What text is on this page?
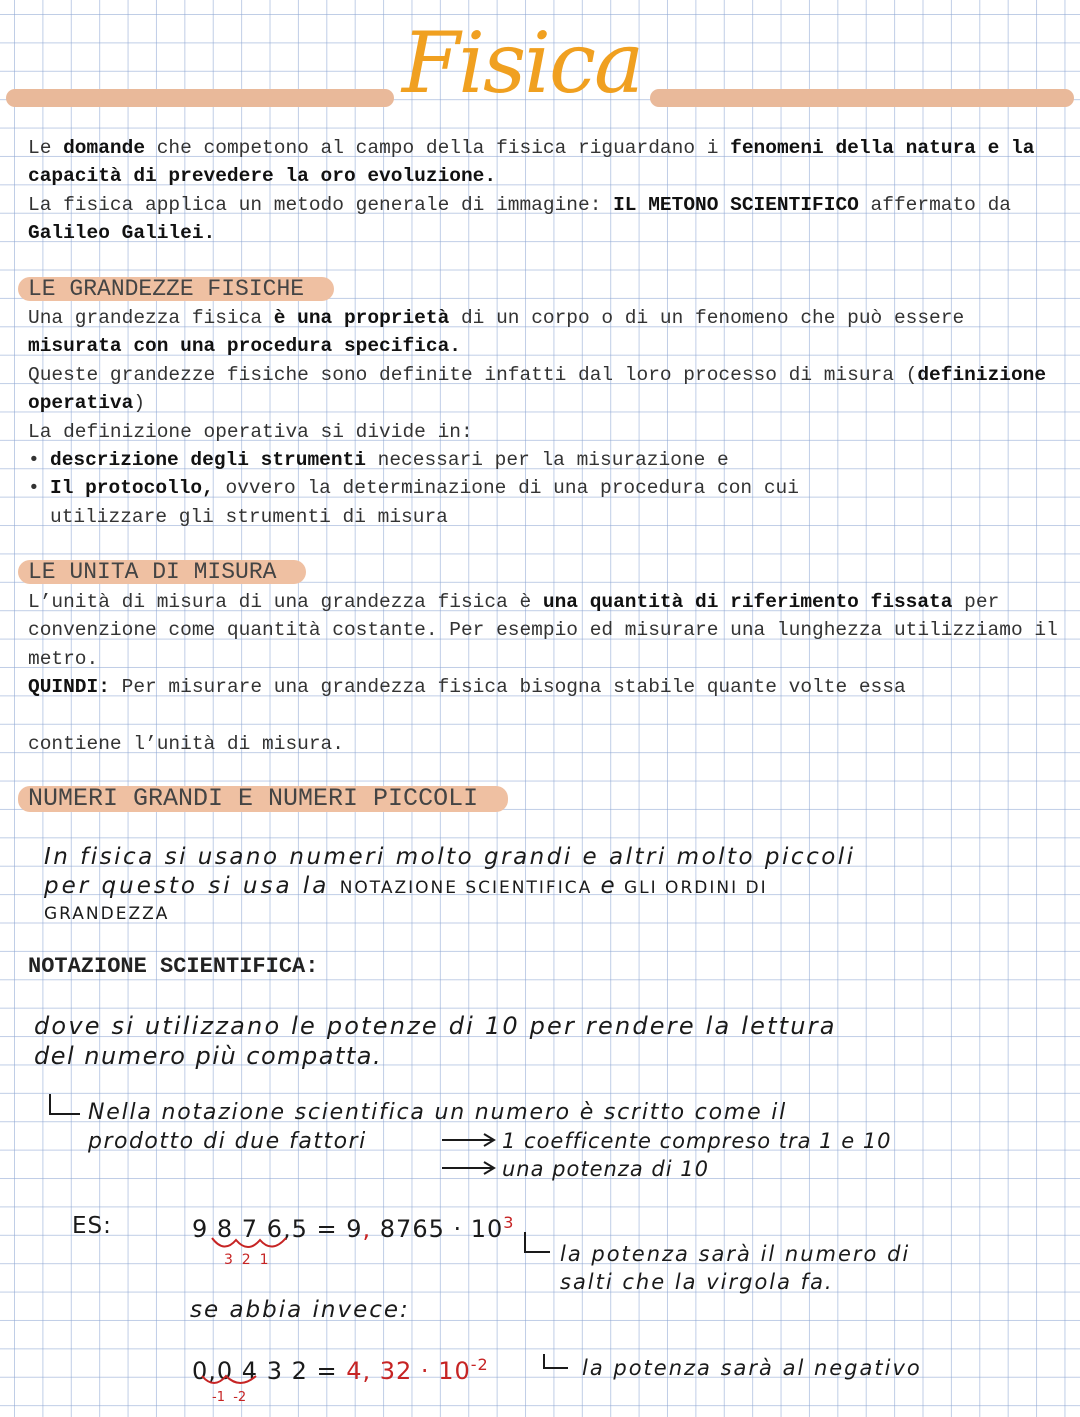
Fisica
Le domande che competono al campo della fisica riguardano i fenomeni della natura e la capacità di prevedere la oro evoluzione.
La fisica applica un metodo generale di immagine: IL METONO SCIENTIFICO affermato da Galileo Galilei.
LE GRANDEZZE FISICHE
Una grandezza fisica è una proprietà di un corpo o di un fenomeno che può essere misurata con una procedura specifica.
Queste grandezze fisiche sono definite infatti dal loro processo di misura (definizione operativa)
La definizione operativa si divide in:
• descrizione degli strumenti necessari per la misurazione e
• Il protocollo, ovvero la determinazione di una procedura con cui
utilizzare gli strumenti di misura
LE UNITA DI MISURA
L’unità di misura di una grandezza fisica è una quantità di riferimento fissata per convenzione come quantità costante. Per esempio ed misurare una lunghezza utilizziamo il metro.
QUINDI: Per misurare una grandezza fisica bisogna stabile quante volte essa

contiene l’unità di misura.
NUMERI GRANDI E NUMERI PICCOLI
In fisica si usano numeri molto grandi e altri molto piccoli
per questo si usa la NOTAZIONE SCIENTIFICA e GLI ORDINI DI
GRANDEZZA
NOTAZIONE SCIENTIFICA:
dove si utilizzano le potenze di 10 per rendere la lettura
del numero più compatta.
Nella notazione scientifica un numero è scritto come il
prodotto di due fattori	1 coefficente compreso tra 1 e 10
una potenza di 10
ES:	9 8 7 6,5 = 9, $8765 \cdot 10^3$
3  2  1	la potenza sarà il numero di
salti che la virgola fa.
se abbia invece:
0,0 4 3 2 = 4, $32 \cdot 10^{-2}$
-1  -2
la potenza sarà al negativo
